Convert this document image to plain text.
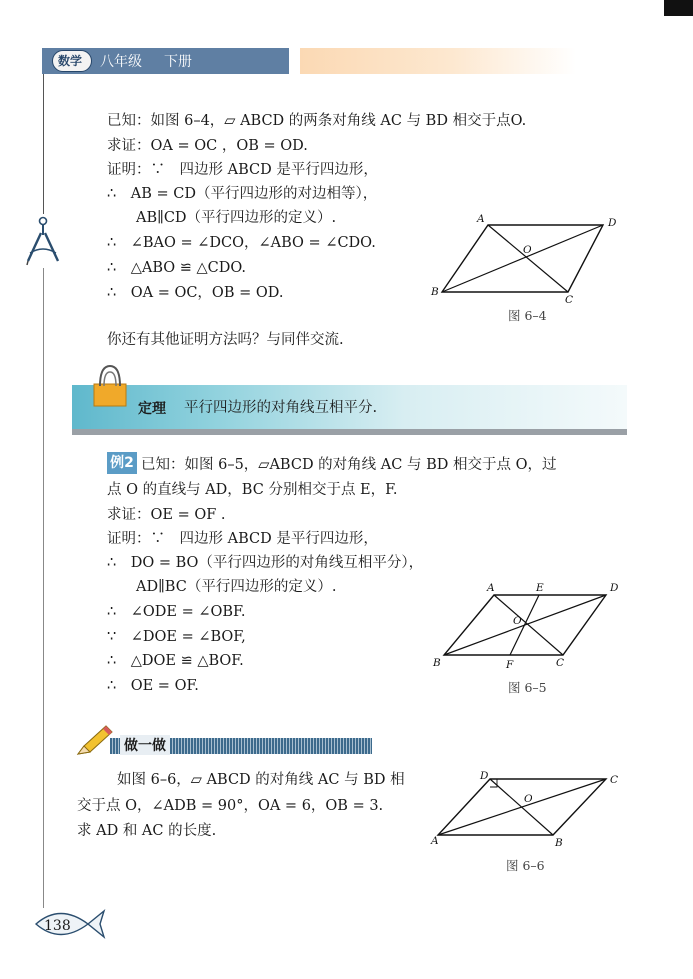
数学 八年级 下册
已知：如图 6–4，▱ ABCD 的两条对角线 AC 与 BD 相交于点O.
求证：OA = OC ，OB = OD.
证明：∵　四边形 ABCD 是平行四边形，
∴　AB = CD（平行四边形的对边相等），
　　AB∥CD（平行四边形的定义）.
∴　∠BAO = ∠DCO，∠ABO = ∠CDO.
∴　△ABO ≌ △CDO.
∴　OA = OC，OB = OD.
你还有其他证明方法吗？与同伴交流.
A	D
B
C
O
图 6–4
定理 平行四边形的对角线互相平分.
例2 已知：如图 6–5，▱ABCD 的对角线 AC 与 BD 相交于点 O，过
点 O 的直线与 AD，BC 分别相交于点 E，F.
求证：OE = OF .
证明：∵　四边形 ABCD 是平行四边形，
∴　DO = BO（平行四边形的对角线互相平分），
　　AD∥BC（平行四边形的定义）.
∴　∠ODE = ∠OBF.
∵　∠DOE = ∠BOF,
∴　△DOE ≌ △BOF.
∴　OE = OF.
A	E	D
B	F	C
O
图 6–5
做一做
如图 6–6，▱ ABCD 的对角线 AC 与 BD 相
交于点 O，∠ADB = 90°，OA = 6，OB = 3.
求 AD 和 AC 的长度.
D	C
A	B
O
图 6–6
138
